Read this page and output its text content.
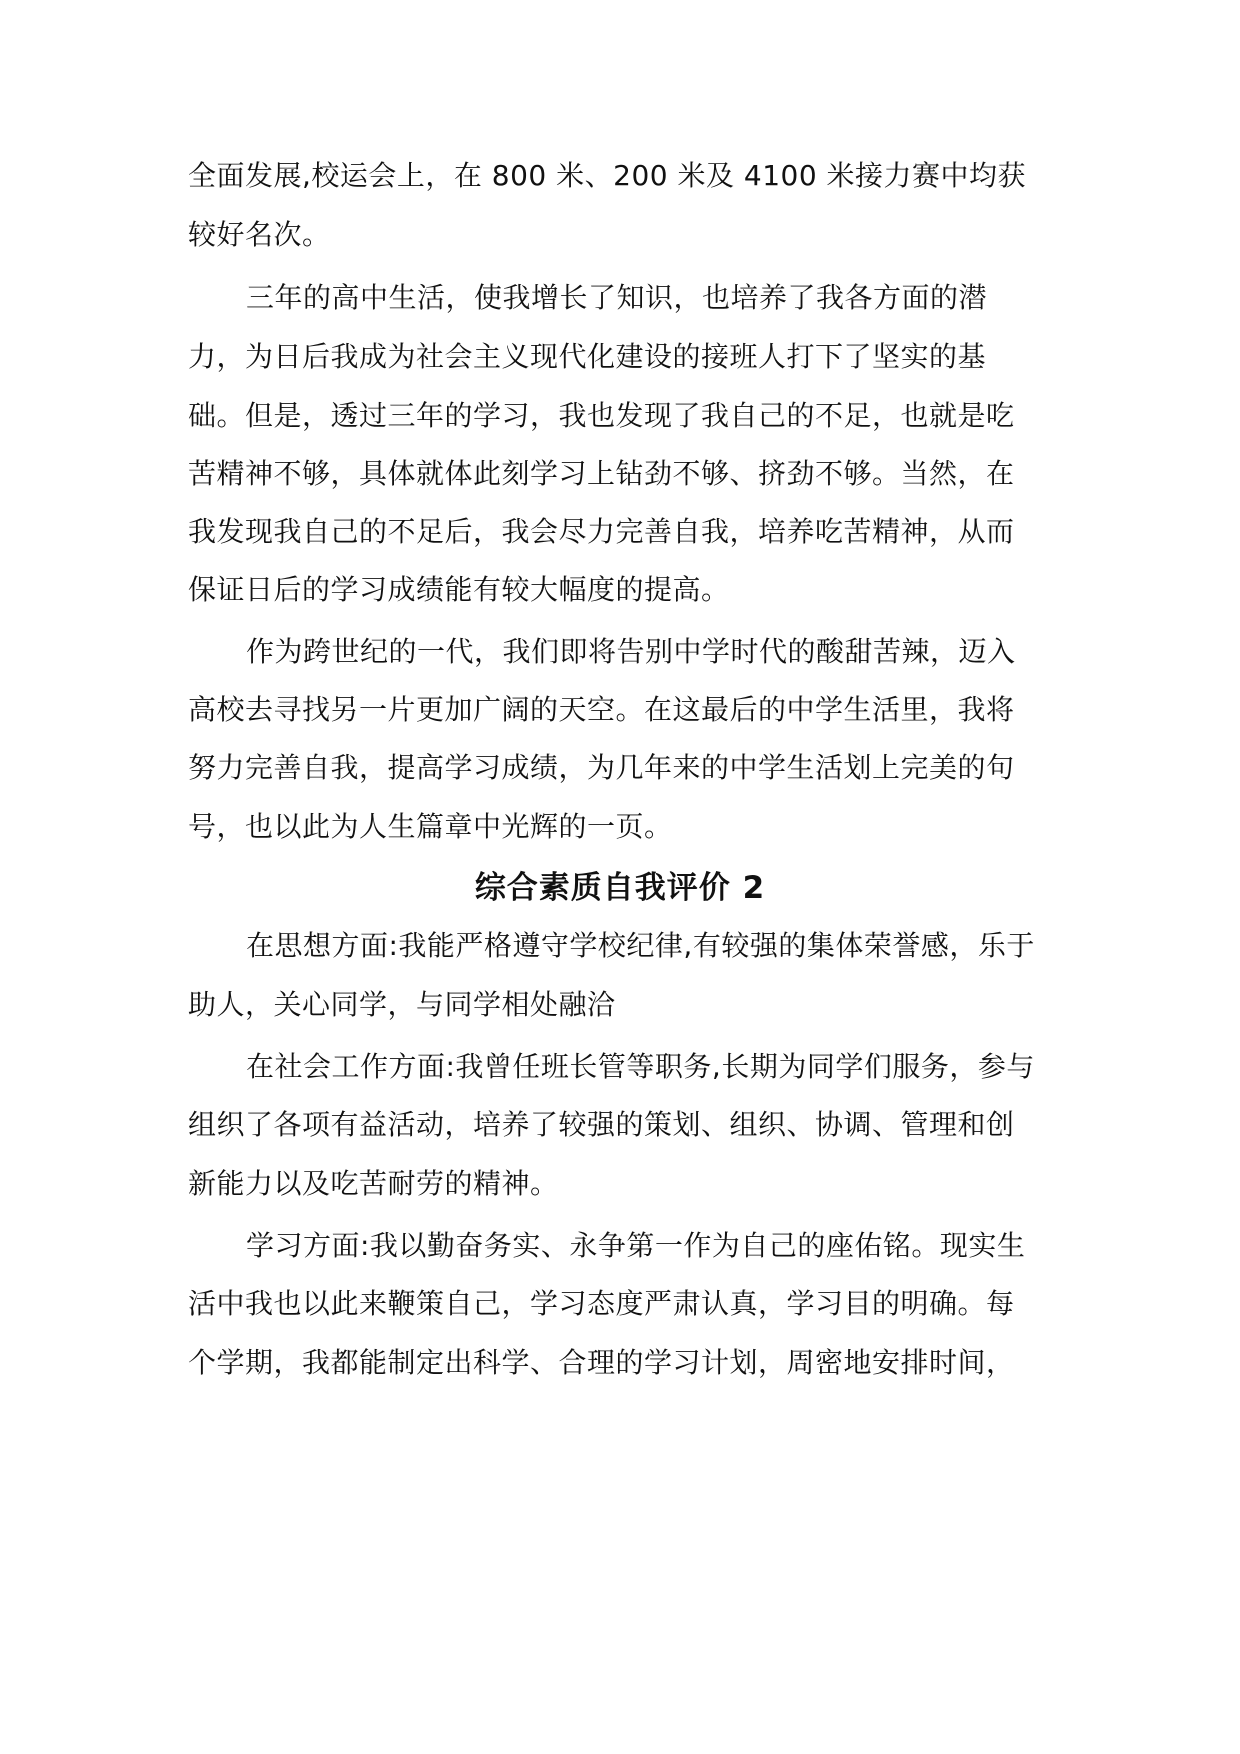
全面发展,校运会上，在 800 米、200 米及 4100 米接力赛中均获
较好名次。
三年的高中生活，使我增长了知识，也培养了我各方面的潜
力，为日后我成为社会主义现代化建设的接班人打下了坚实的基
础。但是，透过三年的学习，我也发现了我自己的不足，也就是吃
苦精神不够，具体就体此刻学习上钻劲不够、挤劲不够。当然，在
我发现我自己的不足后，我会尽力完善自我，培养吃苦精神，从而
保证日后的学习成绩能有较大幅度的提高。
作为跨世纪的一代，我们即将告别中学时代的酸甜苦辣，迈入
高校去寻找另一片更加广阔的天空。在这最后的中学生活里，我将
努力完善自我，提高学习成绩，为几年来的中学生活划上完美的句
号，也以此为人生篇章中光辉的一页。
综合素质自我评价 2
在思想方面:我能严格遵守学校纪律,有较强的集体荣誉感，乐于
助人，关心同学，与同学相处融洽
在社会工作方面:我曾任班长管等职务,长期为同学们服务，参与
组织了各项有益活动，培养了较强的策划、组织、协调、管理和创
新能力以及吃苦耐劳的精神。
学习方面:我以勤奋务实、永争第一作为自己的座佑铭。现实生
活中我也以此来鞭策自己，学习态度严肃认真，学习目的明确。每
个学期，我都能制定出科学、合理的学习计划，周密地安排时间，
